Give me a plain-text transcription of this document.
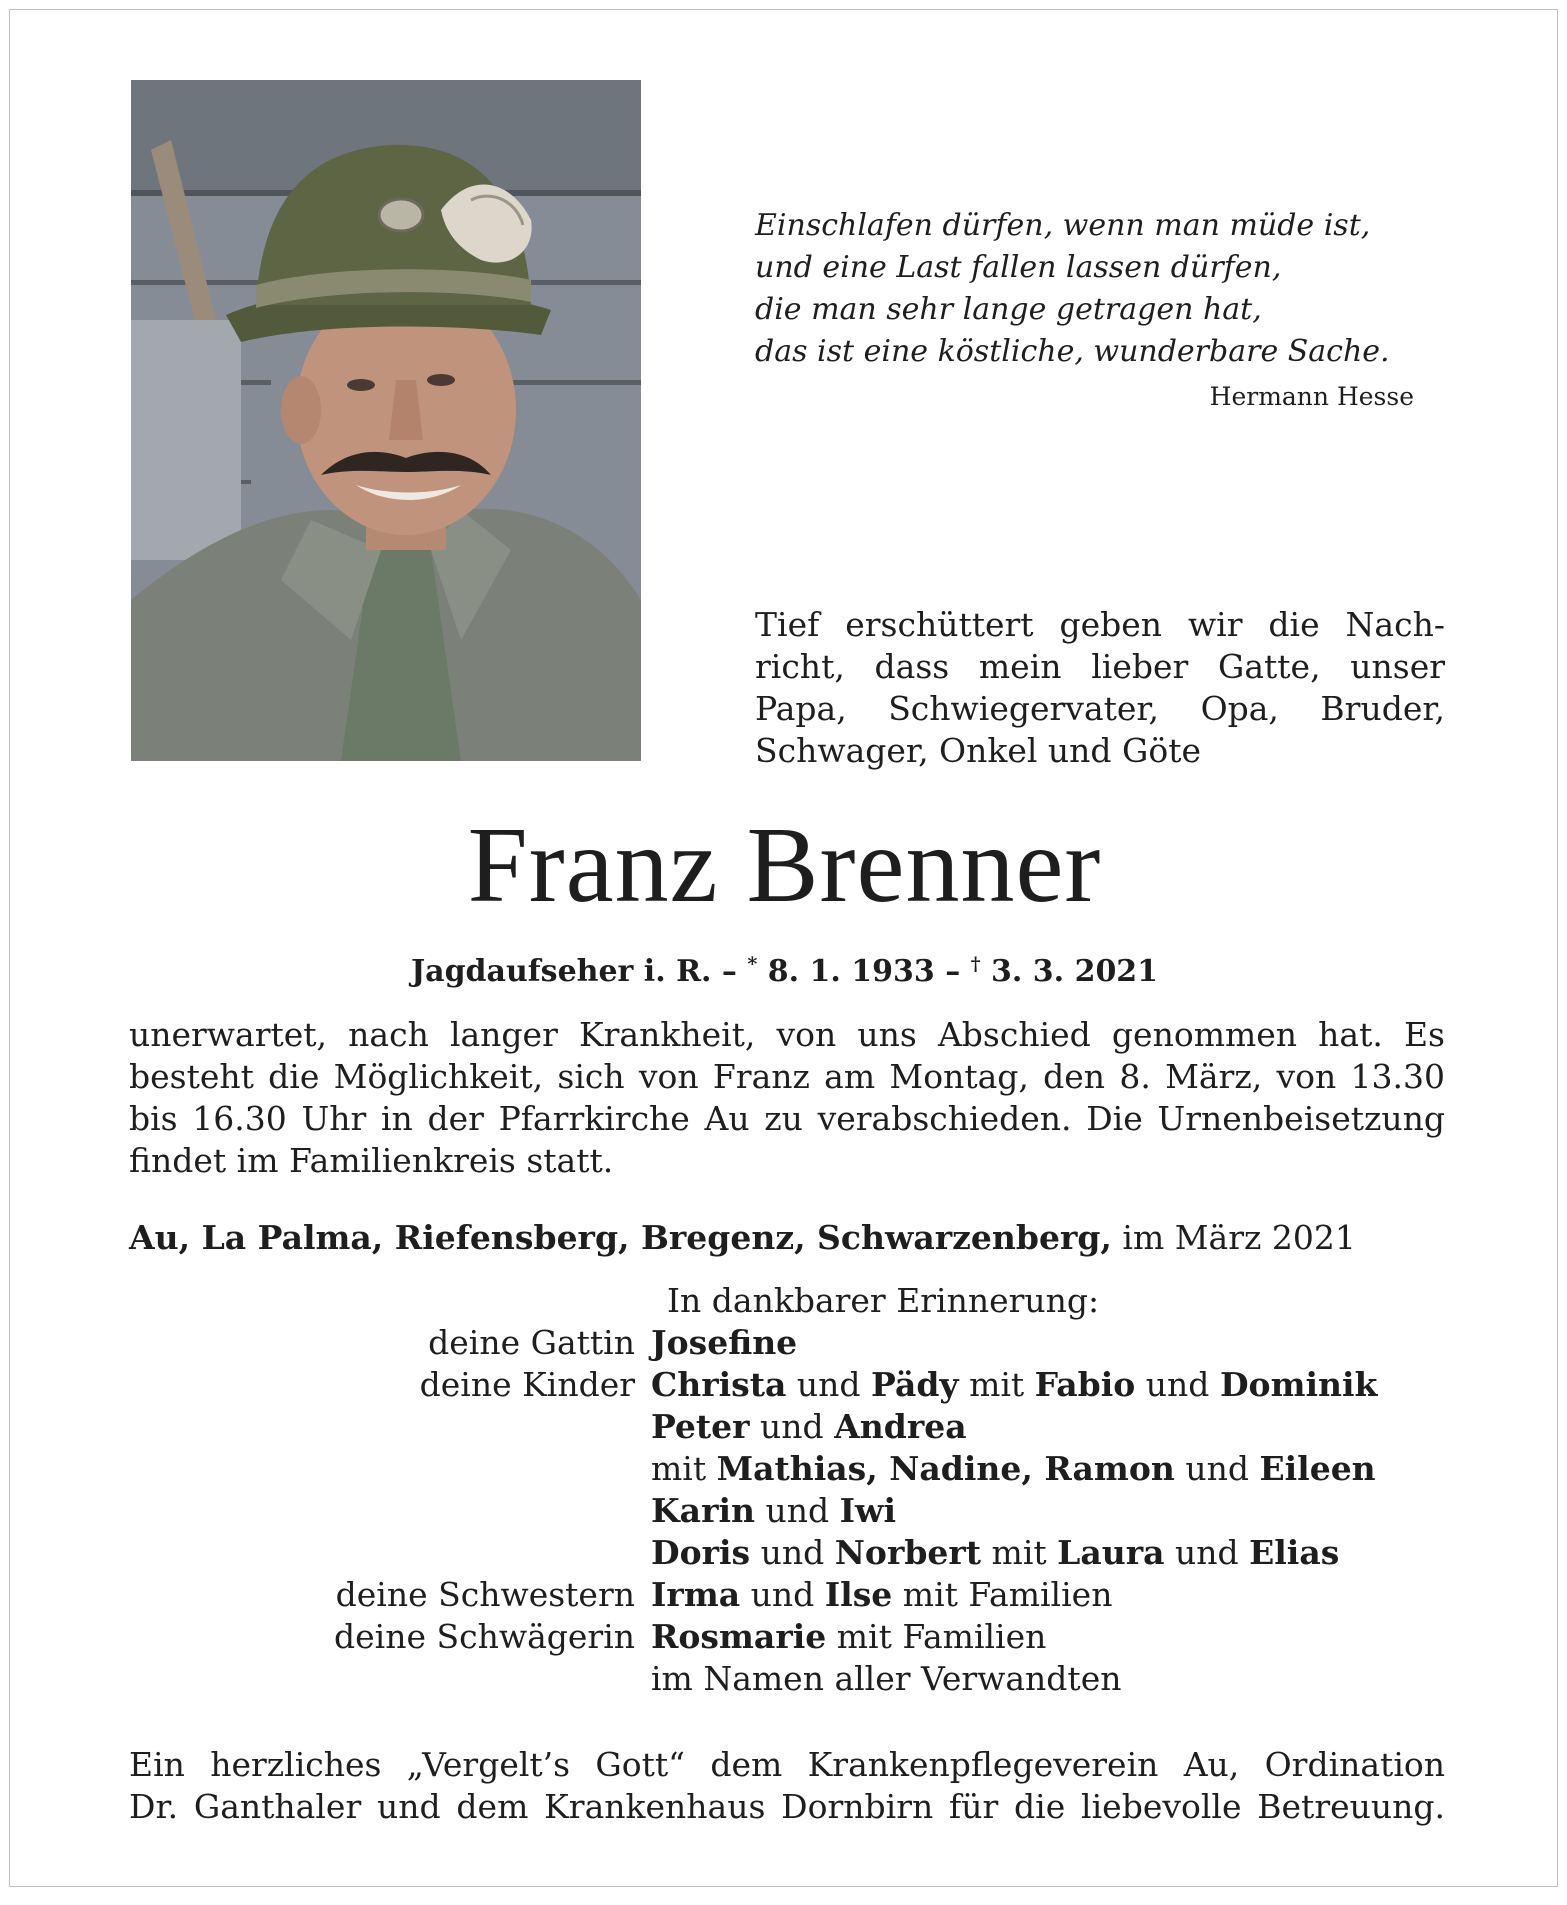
Einschlafen dürfen, wenn man müde ist,
und eine Last fallen lassen dürfen,
die man sehr lange getragen hat,
das ist eine köstliche, wunderbare Sache.
Hermann Hesse
Tief erschüttert geben wir die Nach-
richt, dass mein lieber Gatte, unser
Papa, Schwiegervater, Opa, Bruder,
Schwager, Onkel und Göte
Franz Brenner
Jagdaufseher i. R. – * 8. 1. 1933 – † 3. 3. 2021
unerwartet, nach langer Krankheit, von uns Abschied genommen hat. Es
besteht die Möglichkeit, sich von Franz am Montag, den 8. März, von 13.30
bis 16.30 Uhr in der Pfarrkirche Au zu verabschieden. Die Urnenbeisetzung
findet im Familienkreis statt.
Au, La Palma, Riefensberg, Bregenz, Schwarzenberg, im März 2021
In dankbarer Erinnerung:
deine Gattin Josefine
deine Kinder Christa und Pädy mit Fabio und Dominik
Peter und Andrea
mit Mathias, Nadine, Ramon und Eileen
Karin und Iwi
Doris und Norbert mit Laura und Elias
deine Schwestern Irma und Ilse mit Familien
deine Schwägerin Rosmarie mit Familien
im Namen aller Verwandten
Ein herzliches „Vergelt’s Gott“ dem Krankenpflegeverein Au, Ordination
Dr. Ganthaler und dem Krankenhaus Dornbirn für die liebevolle Betreuung.
